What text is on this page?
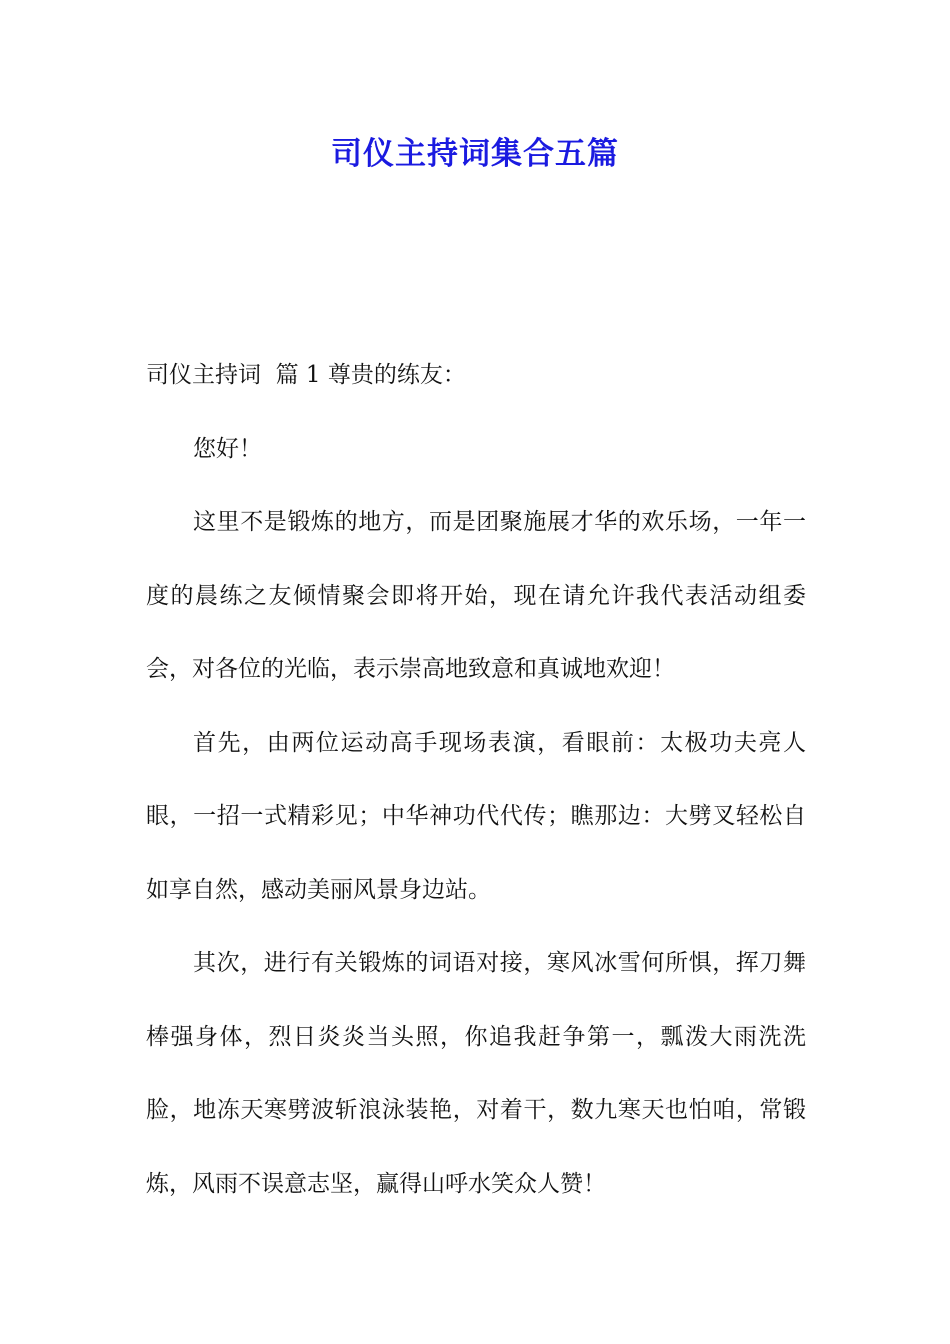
司仪主持词集合五篇

司仪主持词  篇 1 尊贵的练友：

您好！

这里不是锻炼的地方，而是团聚施展才华的欢乐场，一年一度的晨练之友倾情聚会即将开始，现在请允许我代表活动组委会，对各位的光临，表示崇高地致意和真诚地欢迎！

首先，由两位运动高手现场表演，看眼前：太极功夫亮人眼，一招一式精彩见；中华神功代代传；瞧那边：大劈叉轻松自如享自然，感动美丽风景身边站。

其次，进行有关锻炼的词语对接，寒风冰雪何所惧，挥刀舞棒强身体，烈日炎炎当头照，你追我赶争第一，瓢泼大雨洗洗脸，地冻天寒劈波斩浪泳装艳，对着干，数九寒天也怕咱，常锻炼，风雨不误意志坚，赢得山呼水笑众人赞！
